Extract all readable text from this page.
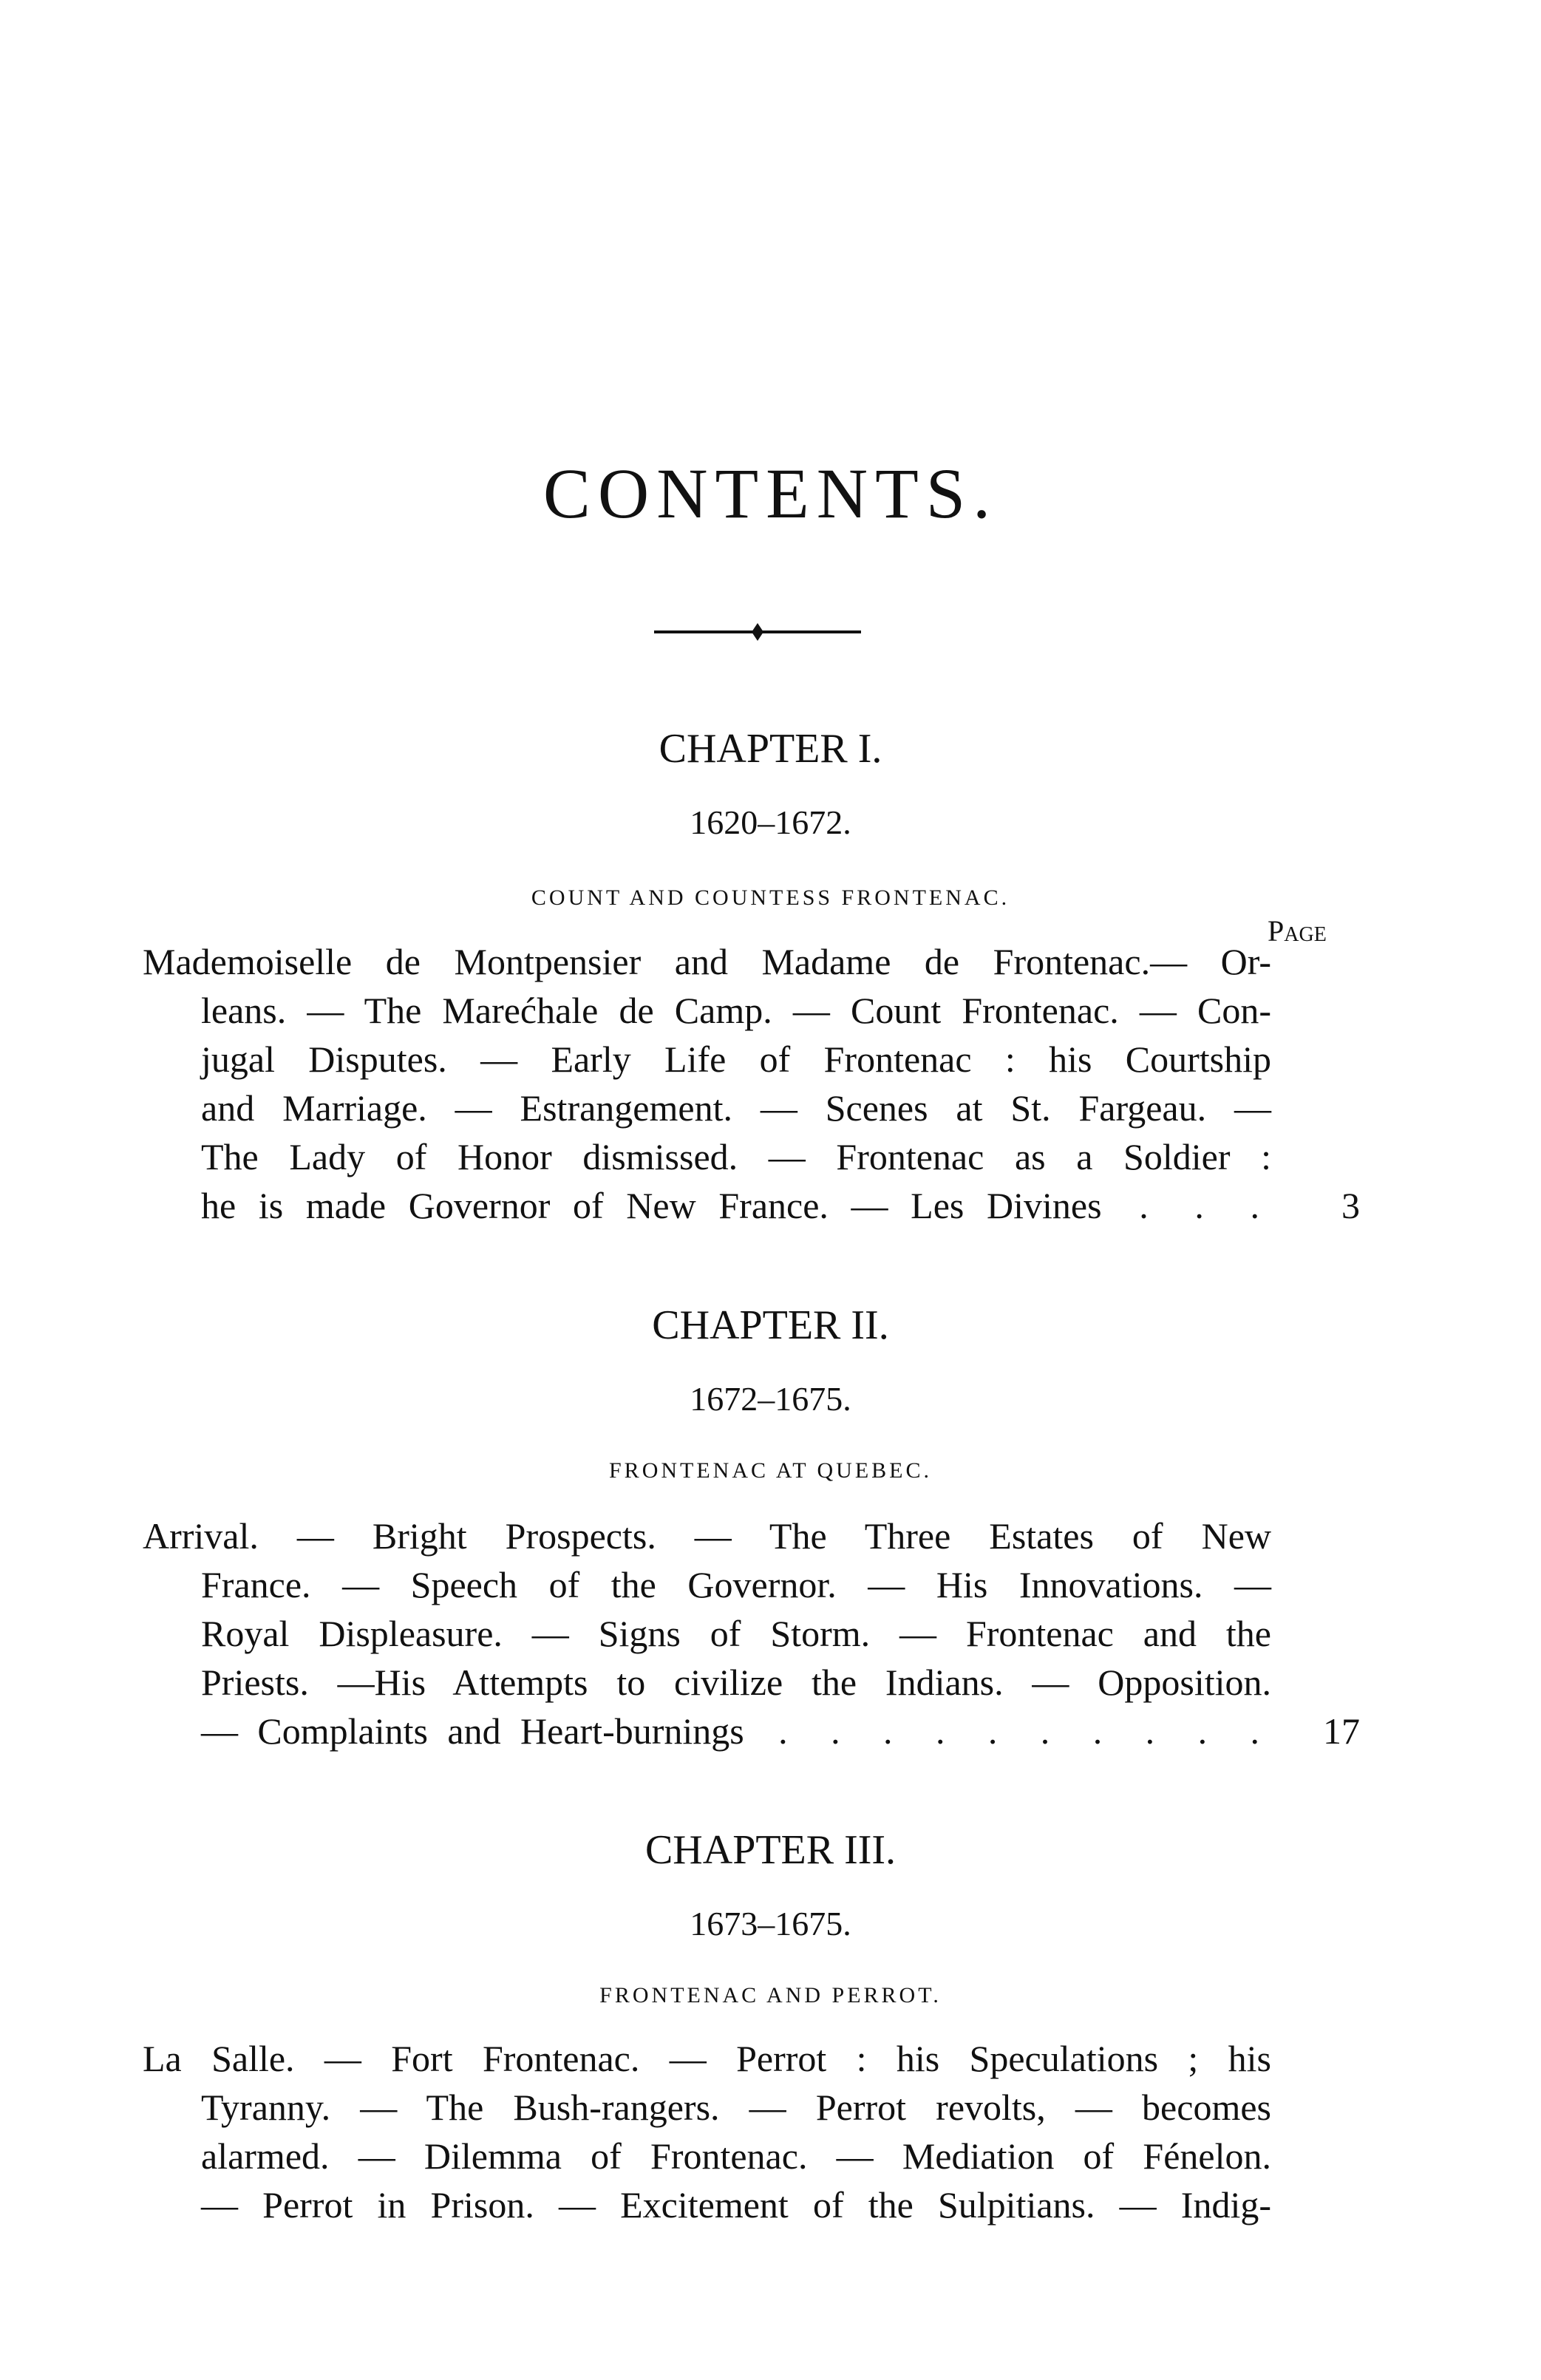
CONTENTS.
CHAPTER I.
1620–1672.
COUNT AND COUNTESS FRONTENAC.
Page
Mademoiselle de Montpensier and Madame de Frontenac.— Or-
leans. — The Marećhale de Camp. — Count Frontenac. — Con-
jugal Disputes. — Early Life of Frontenac : his Courtship
and Marriage. — Estrangement. — Scenes at St. Fargeau. —
The Lady of Honor dismissed. — Frontenac as a Soldier :
he is made Governor of New France. — Les Divines . . .	3
CHAPTER II.
1672–1675.
FRONTENAC AT QUEBEC.
Arrival. — Bright Prospects. — The Three Estates of New
France. — Speech of the Governor. — His Innovations. —
Royal Displeasure. — Signs of Storm. — Frontenac and the
Priests. —His Attempts to civilize the Indians. — Opposition.
— Complaints and Heart-burnings . . . . . . . . . .	17
CHAPTER III.
1673–1675.
FRONTENAC AND PERROT.
La Salle. — Fort Frontenac. — Perrot : his Speculations ; his
Tyranny. — The Bush-rangers. — Perrot revolts, — becomes
alarmed. — Dilemma of Frontenac. — Mediation of Fénelon.
— Perrot in Prison. — Excitement of the Sulpitians. — Indig-
